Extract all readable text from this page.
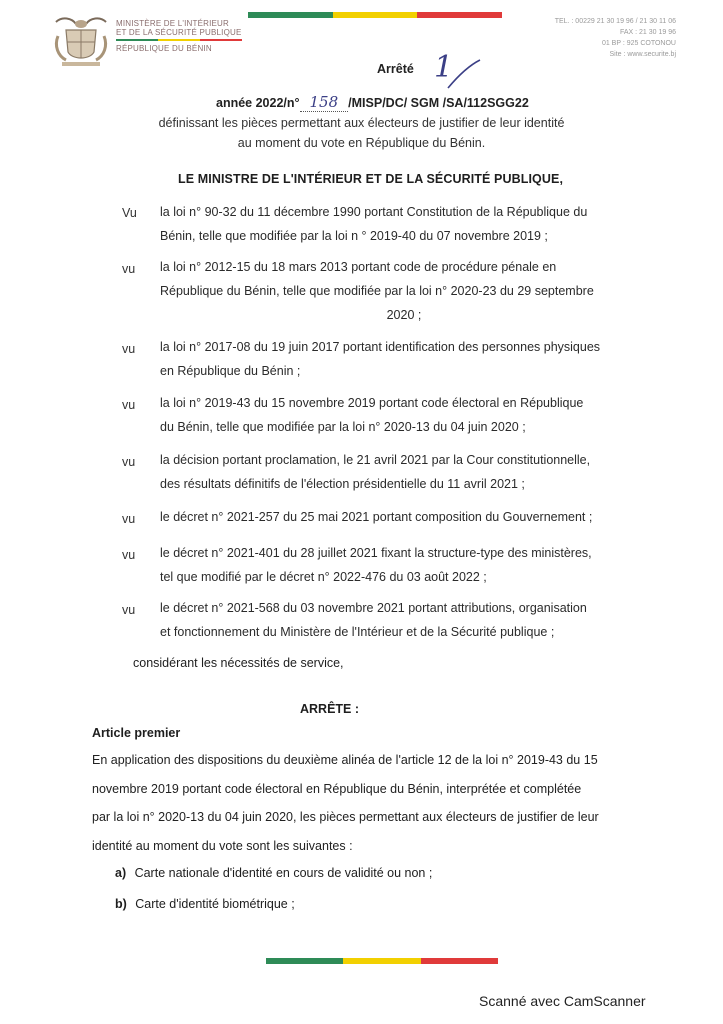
MINISTÈRE DE L'INTÉRIEUR
ET DE LA SÉCURITÉ PUBLIQUE
RÉPUBLIQUE DU BÉNIN
TEL. : 00229 21 30 19 96 / 21 30 11 06
FAX : 21 30 19 96
01 BP : 925 COTONOU
Site : www.securite.bj
Arrêté 1
année 2022/n° 158 /MISP/DC/ SGM /SA/112SGG22
définissant les pièces permettant aux électeurs de justifier de leur identité
au moment du vote en République du Bénin.
LE MINISTRE DE L'INTÉRIEUR ET DE LA SÉCURITÉ PUBLIQUE,
Vu la loi n° 90-32 du 11 décembre 1990 portant Constitution de la République du
Bénin, telle que modifiée par la loi n ° 2019-40 du 07 novembre 2019 ;
vu la loi n° 2012-15 du 18 mars 2013 portant code de procédure pénale en
République du Bénin, telle que modifiée par la loi n° 2020-23 du 29 septembre

2020 ;
vu la loi n° 2017-08 du 19 juin 2017 portant identification des personnes physiques
en République du Bénin ;
vu la loi n° 2019-43 du 15 novembre 2019 portant code électoral en République
du Bénin, telle que modifiée par la loi n° 2020-13 du 04 juin 2020 ;
vu la décision portant proclamation, le 21 avril 2021 par la Cour constitutionnelle,
des résultats définitifs de l'élection présidentielle du 11 avril 2021 ;
vu le décret n° 2021-257 du 25 mai 2021 portant composition du Gouvernement ;
vu le décret n° 2021-401 du 28 juillet 2021 fixant la structure-type des ministères,
tel que modifié par le décret n° 2022-476 du 03 août 2022 ;
vu le décret n° 2021-568 du 03 novembre 2021 portant attributions, organisation
et fonctionnement du Ministère de l'Intérieur et de la Sécurité publique ;
considérant les nécessités de service,
ARRÊTE :
Article premier
En application des dispositions du deuxième alinéa de l'article 12 de la loi n° 2019-43 du 15
novembre 2019 portant code électoral en République du Bénin, interprétée et complétée
par la loi n° 2020-13 du 04 juin 2020, les pièces permettant aux électeurs de justifier de leur
identité au moment du vote sont les suivantes :
a) Carte nationale d'identité en cours de validité ou non ;
b) Carte d'identité biométrique ;
Scanné avec CamScanner
